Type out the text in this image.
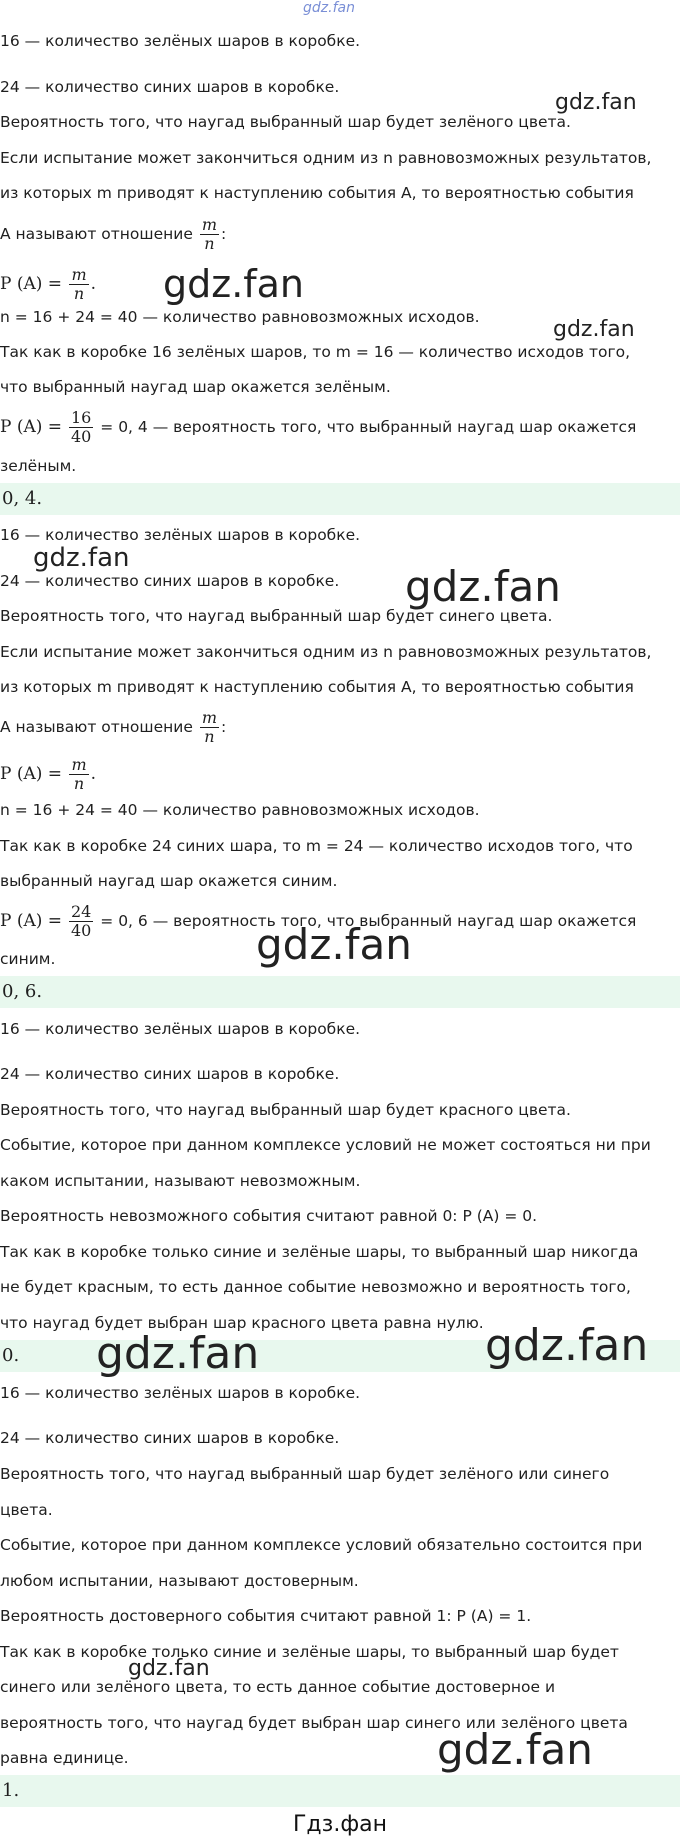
gdz.fan
16 — количество зелёных шаров в коробке.
24 — количество синих шаров в коробке.
Вероятность того, что наугад выбранный шар будет зелёного цвета.
Если испытание может закончиться одним из n равновозможных результатов,
из которых m приводят к наступлению события A, то вероятностью события
A называют отношение $\frac{m}{n}$ :
P $(A) = \frac{m}{n}$ .
n = 16 + 24 = 40 — количество равновозможных исходов.
Так как в коробке 16 зелёных шаров, то m = 16 — количество исходов того,
что выбранный наугад шар окажется зелёным.
P $(A) = \frac{16}{40} = 0$, 4 — вероятность того, что выбранный наугад шар окажется
зелёным.
0, 4.
16 — количество зелёных шаров в коробке.
24 — количество синих шаров в коробке.
Вероятность того, что наугад выбранный шар будет синего цвета.
Если испытание может закончиться одним из n равновозможных результатов,
из которых m приводят к наступлению события A, то вероятностью события
A называют отношение $\frac{m}{n}$ :
P $(A) = \frac{m}{n}$ .
n = 16 + 24 = 40 — количество равновозможных исходов.
Так как в коробке 24 синих шара, то m = 24 — количество исходов того, что
выбранный наугад шар окажется синим.
P $(A) = \frac{24}{40} = 0$, 6 — вероятность того, что выбранный наугад шар окажется
синим.
0, 6.
16 — количество зелёных шаров в коробке.
24 — количество синих шаров в коробке.
Вероятность того, что наугад выбранный шар будет красного цвета.
Событие, которое при данном комплексе условий не может состояться ни при
каком испытании, называют невозможным.
Вероятность невозможного события считают равной 0: P (A) = 0.
Так как в коробке только синие и зелёные шары, то выбранный шар никогда
не будет красным, то есть данное событие невозможно и вероятность того,
что наугад будет выбран шар красного цвета равна нулю.
0.
16 — количество зелёных шаров в коробке.
24 — количество синих шаров в коробке.
Вероятность того, что наугад выбранный шар будет зелёного или синего
цвета.
Событие, которое при данном комплексе условий обязательно состоится при
любом испытании, называют достоверным.
Вероятность достоверного события считают равной 1: P (A) = 1.
Так как в коробке только синие и зелёные шары, то выбранный шар будет
синего или зелёного цвета, то есть данное событие достоверное и
вероятность того, что наугад будет выбран шар синего или зелёного цвета
равна единице.
1.
Гдз.фан
gdz.fan
gdz.fan
gdz.fan
gdz.fan
gdz.fan
gdz.fan
gdz.fan	gdz.fan
gdz.fan
gdz.fan
